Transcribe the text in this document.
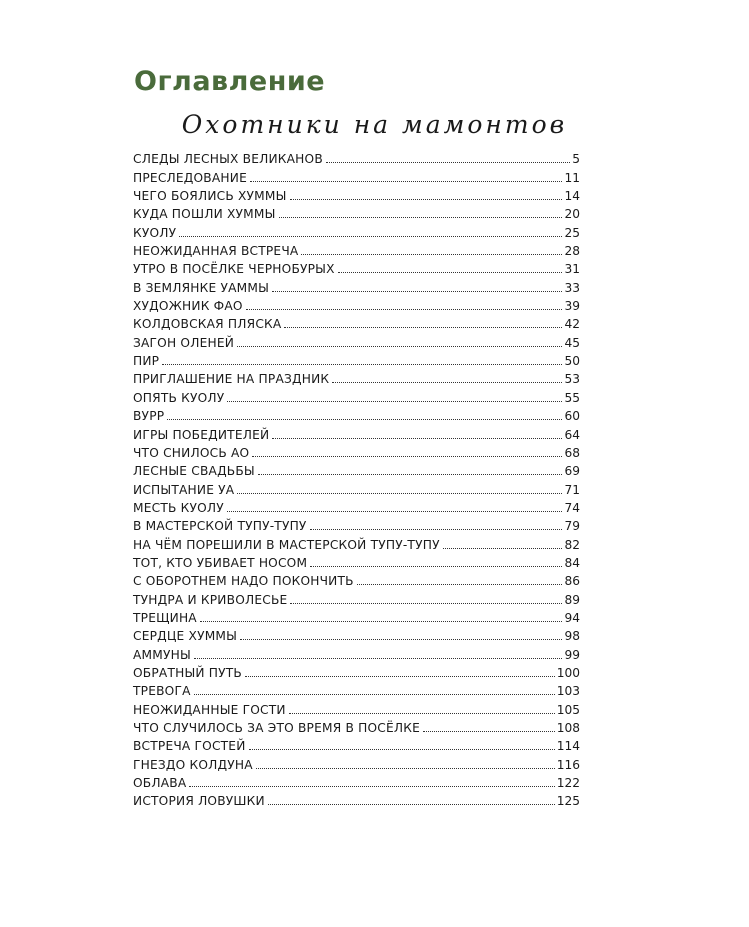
Оглавление
Охотники на мамонтов
СЛЕДЫ ЛЕСНЫХ ВЕЛИКАНОВ	5
ПРЕСЛЕДОВАНИЕ	11
ЧЕГО БОЯЛИСЬ ХУММЫ	14
КУДА ПОШЛИ ХУММЫ	20
КУОЛУ	25
НЕОЖИДАННАЯ ВСТРЕЧА	28
УТРО В ПОСЁЛКЕ ЧЕРНОБУРЫХ	31
В ЗЕМЛЯНКЕ УАММЫ	33
ХУДОЖНИК ФАО	39
КОЛДОВСКАЯ ПЛЯСКА	42
ЗАГОН ОЛЕНЕЙ	45
ПИР	50
ПРИГЛАШЕНИЕ НА ПРАЗДНИК	53
ОПЯТЬ КУОЛУ	55
ВУРР	60
ИГРЫ ПОБЕДИТЕЛЕЙ	64
ЧТО СНИЛОСЬ АО	68
ЛЕСНЫЕ СВАДЬБЫ	69
ИСПЫТАНИЕ УА	71
МЕСТЬ КУОЛУ	74
В МАСТЕРСКОЙ ТУПУ-ТУПУ	79
НА ЧЁМ ПОРЕШИЛИ В МАСТЕРСКОЙ ТУПУ-ТУПУ	82
ТОТ, КТО УБИВАЕТ НОСОМ	84
С ОБОРОТНЕМ НАДО ПОКОНЧИТЬ	86
ТУНДРА И КРИВОЛЕСЬЕ	89
ТРЕЩИНА	94
СЕРДЦЕ ХУММЫ	98
АММУНЫ	99
ОБРАТНЫЙ ПУТЬ	100
ТРЕВОГА	103
НЕОЖИДАННЫЕ ГОСТИ	105
ЧТО СЛУЧИЛОСЬ ЗА ЭТО ВРЕМЯ В ПОСЁЛКЕ	108
ВСТРЕЧА ГОСТЕЙ	114
ГНЕЗДО КОЛДУНА	116
ОБЛАВА	122
ИСТОРИЯ ЛОВУШКИ	125
